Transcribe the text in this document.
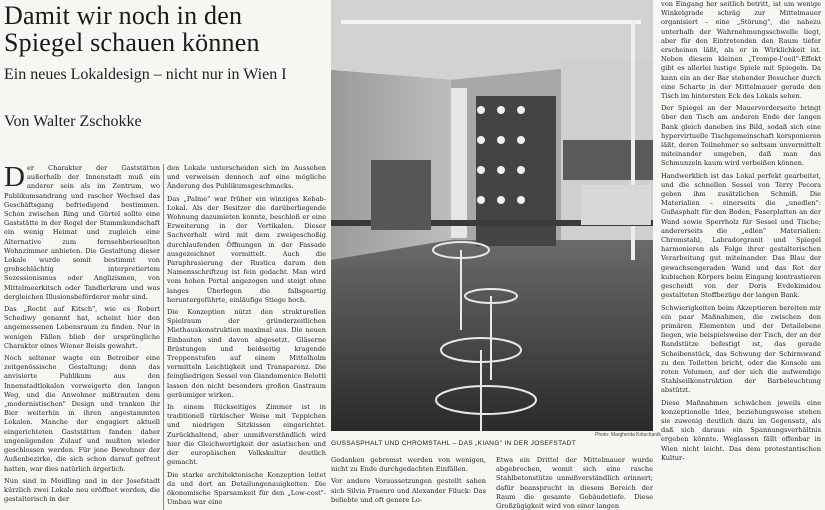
Damit wir noch in den
Spiegel schauen können
Ein neues Lokaldesign – nicht nur in Wien I
Von Walter Zschokke

Der Charakter der Gaststätten außerhalb der Innenstadt muß ein anderer sein als im Zentrum, wo Publikumsandrang und rascher Wechsel das Geschäftsgang befriedigend bestimmen. Schon zwischen Ring und Gürtel sollte eine Gaststätte in der Regel der Stammkundschaft ein wenig Heimat und zugleich eine Alternative zum fernsehberieselten Wohnzimmer anbieten. Die Gestaltung dieser Lokale wurde somit bestimmt von grobschlächtig interpretiertem Sezessionismus oder Anglizismen, von Mittelmeerkitsch oder Tandlerkram und was dergleichen Illusionsbeförderer mehr sind.

Das „Recht auf Kitsch", wie es Robert Schediwy genannt hat, scheint hier den angemessenen Lebensraum zu finden. Nur in wenigen Fällen blieb der ursprüngliche Charakter eines Wiener Beisls gewahrt.

Noch seltener wagte ein Betreiber eine zeitgenössische Gestaltung; denn das anvisierte Publikum aus den Innenstadtlokalen verweigerte den langen Weg, und die Anwohner mißtrauten dem „modernistischen" Design und tranken ihr Bier weiterhin in ihren angestammten Lokalen. Manche der engagiert aktuell eingerichteten Gaststätten fanden daher ungenügenden Zulauf und mußten wieder geschlossen werden. Für jene Bewohner der Außenbezirke, die sich schon darauf gefreut hatten, war dies natürlich ärgerlich.

Nun sind in Meidling und in der Josefstadt kürzlich zwei Lokale neu eröffnet worden, die gestalterisch in der

den Lokale unterscheiden sich im Aussehen und verweisen dennoch auf eine mögliche Änderung des Publikumsgeschmacks.

Das „Palme" war früher ein winziges Kebab-Lokal. Als der Besitzer die darüberliegende Wohnung dazumieten konnte, beschloß er eine Erweiterung in der Vertikalen. Dieser Sachverhalt wird mit dem zweigeschoßig durchlaufenden Öffnungen in der Fassade ausgezeichnet vermittelt. Auch die Paraphrasierung der Rustica darum den Namensschriftzug ist fein gedacht. Man wird vom hohen Portal angezogen und steigt ohne langes Überlegen die fallsgeartig heruntergeführte, einläufige Stiege hoch.

Die Konzeption nützt den strukturellen Spielraum der gründerzeitlichen Miethauskonstruktion maximal aus. Die neuen Einbauten sind davon abgesetzt. Gläserne Brüstungen und beidseitig kragende Treppenstufen auf einem Mittelholm vermitteln Leichtigkeit und Transparenz. Die feingliedrigen Sessel von Giandomenico Belotti lassen den nicht besonders großen Gastraum geräumiger wirken.

In einem Rückseitiges Zimmer ist in traditionell türkischer Weise mit Teppichen und niedrigen Sitzkissen eingerichtet. Zurückhaltend, aber unmißverständlich wird hier die Gleichwertigkeit der asiatischen und der europäischen Volkskultur deutlich gemacht.

Die starke architektonische Konzeption leitet da und dort an Detailungenauigkeiten. Die ökonomische Sparsamkeit für den „Low-cost"-Umbau war eine

Photo: Margherita Kritschaník
GUSSASPHALT UND CHROMSTAHL – DAS „KIANG" IN DER JOSEFSTADT

Gedanken gebremst werden von wenigen, nicht zu Ende durchgedachten Einfällen.

Vor andere Voraussetzungen gestellt sahen sich Silvia Fraenro und Alexander Filuck: Das beliebte und oft genere Lo-

Etwa ein Drittel der Mittelmauer wurde abgebrochen, womit sich eine rasche Stahlbetonstütze unmißverständlich erinnert; dafür beansprucht in diesem Bereich der Raum die gesamte Gebäudetiefe. Diese Großzügigkeit wird von einer langen

von Eingang her seitlich betritt, ist um wenige Winkelgrade schräg zur Mittelmauer organisiert – eine „Störung", die nahezu unterhalb der Wahrnehmungsschwelle liegt, aber für den Eintretenden den Raum tiefer erscheinen läßt, als er in Wirklichkeit ist. Neben diesem kleinen „Trompe-l'oeil"-Effekt gibt es allerlei lustige Spiele mit Spiegeln. Da kann ein an der Bar stehender Besucher durch eine Scharte in der Mittelmauer gerade den Tisch im hintersten Eck des Lokals sehen.

Der Spiegel an der Mauervorderseite bringt über den Tisch am anderen Ende der langen Bank gleich daneben ins Bild, sodaß sich eine hypervirtuelle Tischgemeinschaft korsponieren läßt, deren Teilnehmer so seltsam unvermittelt miteinander umgeben, daß man das Schmunzeln kaum wird verbeißen können.

Handwerklich ist das Lokal perfekt gearbeitet, und die schnellen Sessel von Terry Pecora geben ihm zusätzlichen Schmiß. Die Materialien – einerseits die „unedlen": Gußasphalt für den Boden, Faserplatten an der Wand sowie Sperrholz für Sessel und Tische; andererseits die „edlen" Materialien: Chromstahl, Labradorgranit und Spiegel harmonieren als Folge ihrer gestalterischen Verarbeitung gut miteinander. Das Blau der gewachsengeraden Wand und das Rot der kubischen Körpers beim Eingang kontrastieren gescheidt von der Doris Evdekimidou gestalteten Stoffbezüge der langen Bank.

Schwierigkeiten beim Akzeptieren bereiten mir ein paar Maßnahmen, die zwischen den primären Elementen und der Detailebene liegen, wie beispielsweise der Tisch, der an der Randstütze befestigt ist, das gerade Scheibenstück, das Schwung der Schirmwand zu den Toiletten bricht, oder die Konsole am roten Volumen, auf der sich die aufwendige Stahlseilkonstruktion der Barbeleuchtung abstützt.

Diese Maßnahmen schwächen jeweils eine konzeptionelle Idee, beziehungsweise stehen sie zuwenig deutlich dazu im Gegensatz, als daß sich daraus ein Spannungsverhältnis ergeben könnte. Weglassen fällt offenbar in Wien nicht leicht. Das dem protestantischen Kultur-
